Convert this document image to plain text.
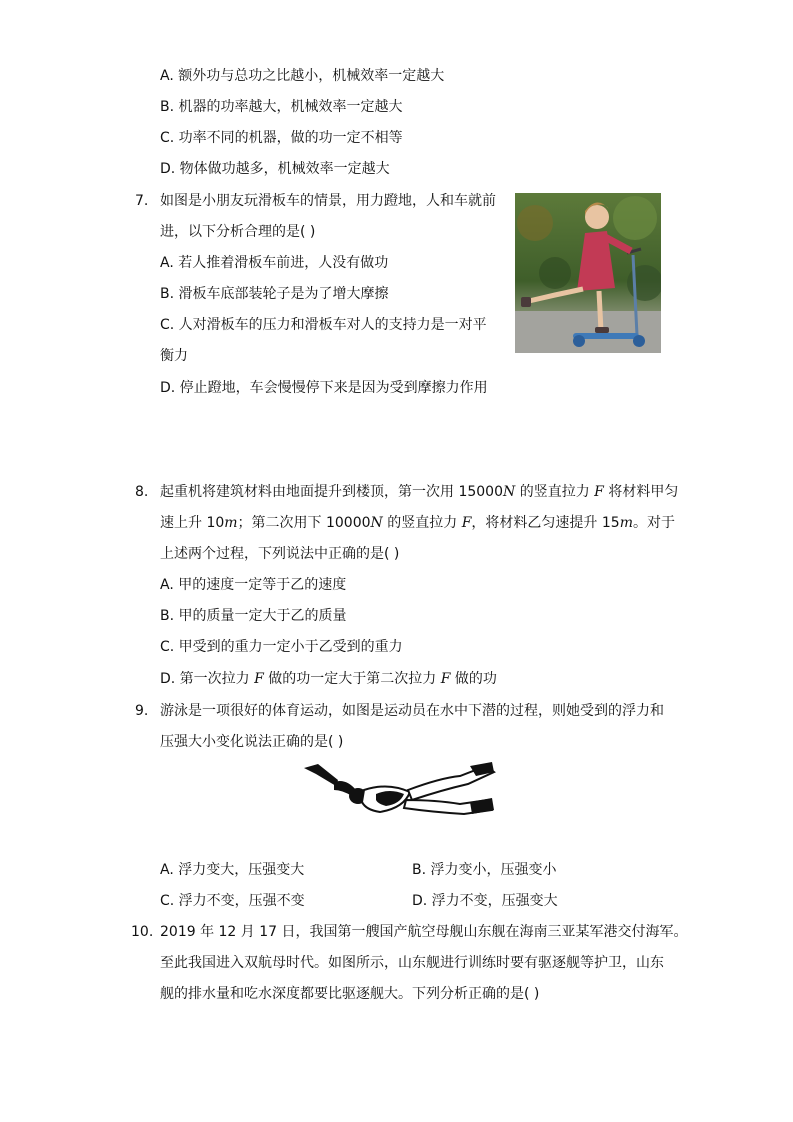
A. 额外功与总功之比越小，机械效率一定越大
B. 机器的功率越大，机械效率一定越大
C. 功率不同的机器，做的功一定不相等
D. 物体做功越多，机械效率一定越大
7. 如图是小朋友玩滑板车的情景，用力蹬地，人和车就前
进，以下分析合理的是( )
A. 若人推着滑板车前进，人没有做功
B. 滑板车底部装轮子是为了增大摩擦
C. 人对滑板车的压力和滑板车对人的支持力是一对平
衡力
D. 停止蹬地，车会慢慢停下来是因为受到摩擦力作用
8. 起重机将建筑材料由地面提升到楼顶，第一次用 15000N 的竖直拉力 F 将材料甲匀
速上升 10m；第二次用下 10000N 的竖直拉力 F，将材料乙匀速提升 15m。对于
上述两个过程，下列说法中正确的是( )
A. 甲的速度一定等于乙的速度
B. 甲的质量一定大于乙的质量
C. 甲受到的重力一定小于乙受到的重力
D. 第一次拉力 F 做的功一定大于第二次拉力 F 做的功
9. 游泳是一项很好的体育运动，如图是运动员在水中下潜的过程，则她受到的浮力和
压强大小变化说法正确的是( )
A. 浮力变大，压强变大	B. 浮力变小，压强变小
C. 浮力不变，压强不变	D. 浮力不变，压强变大
10. 2019 年 12 月 17 日，我国第一艘国产航空母舰山东舰在海南三亚某军港交付海军。
至此我国进入双航母时代。如图所示，山东舰进行训练时要有驱逐舰等护卫，山东
舰的排水量和吃水深度都要比驱逐舰大。下列分析正确的是( )
